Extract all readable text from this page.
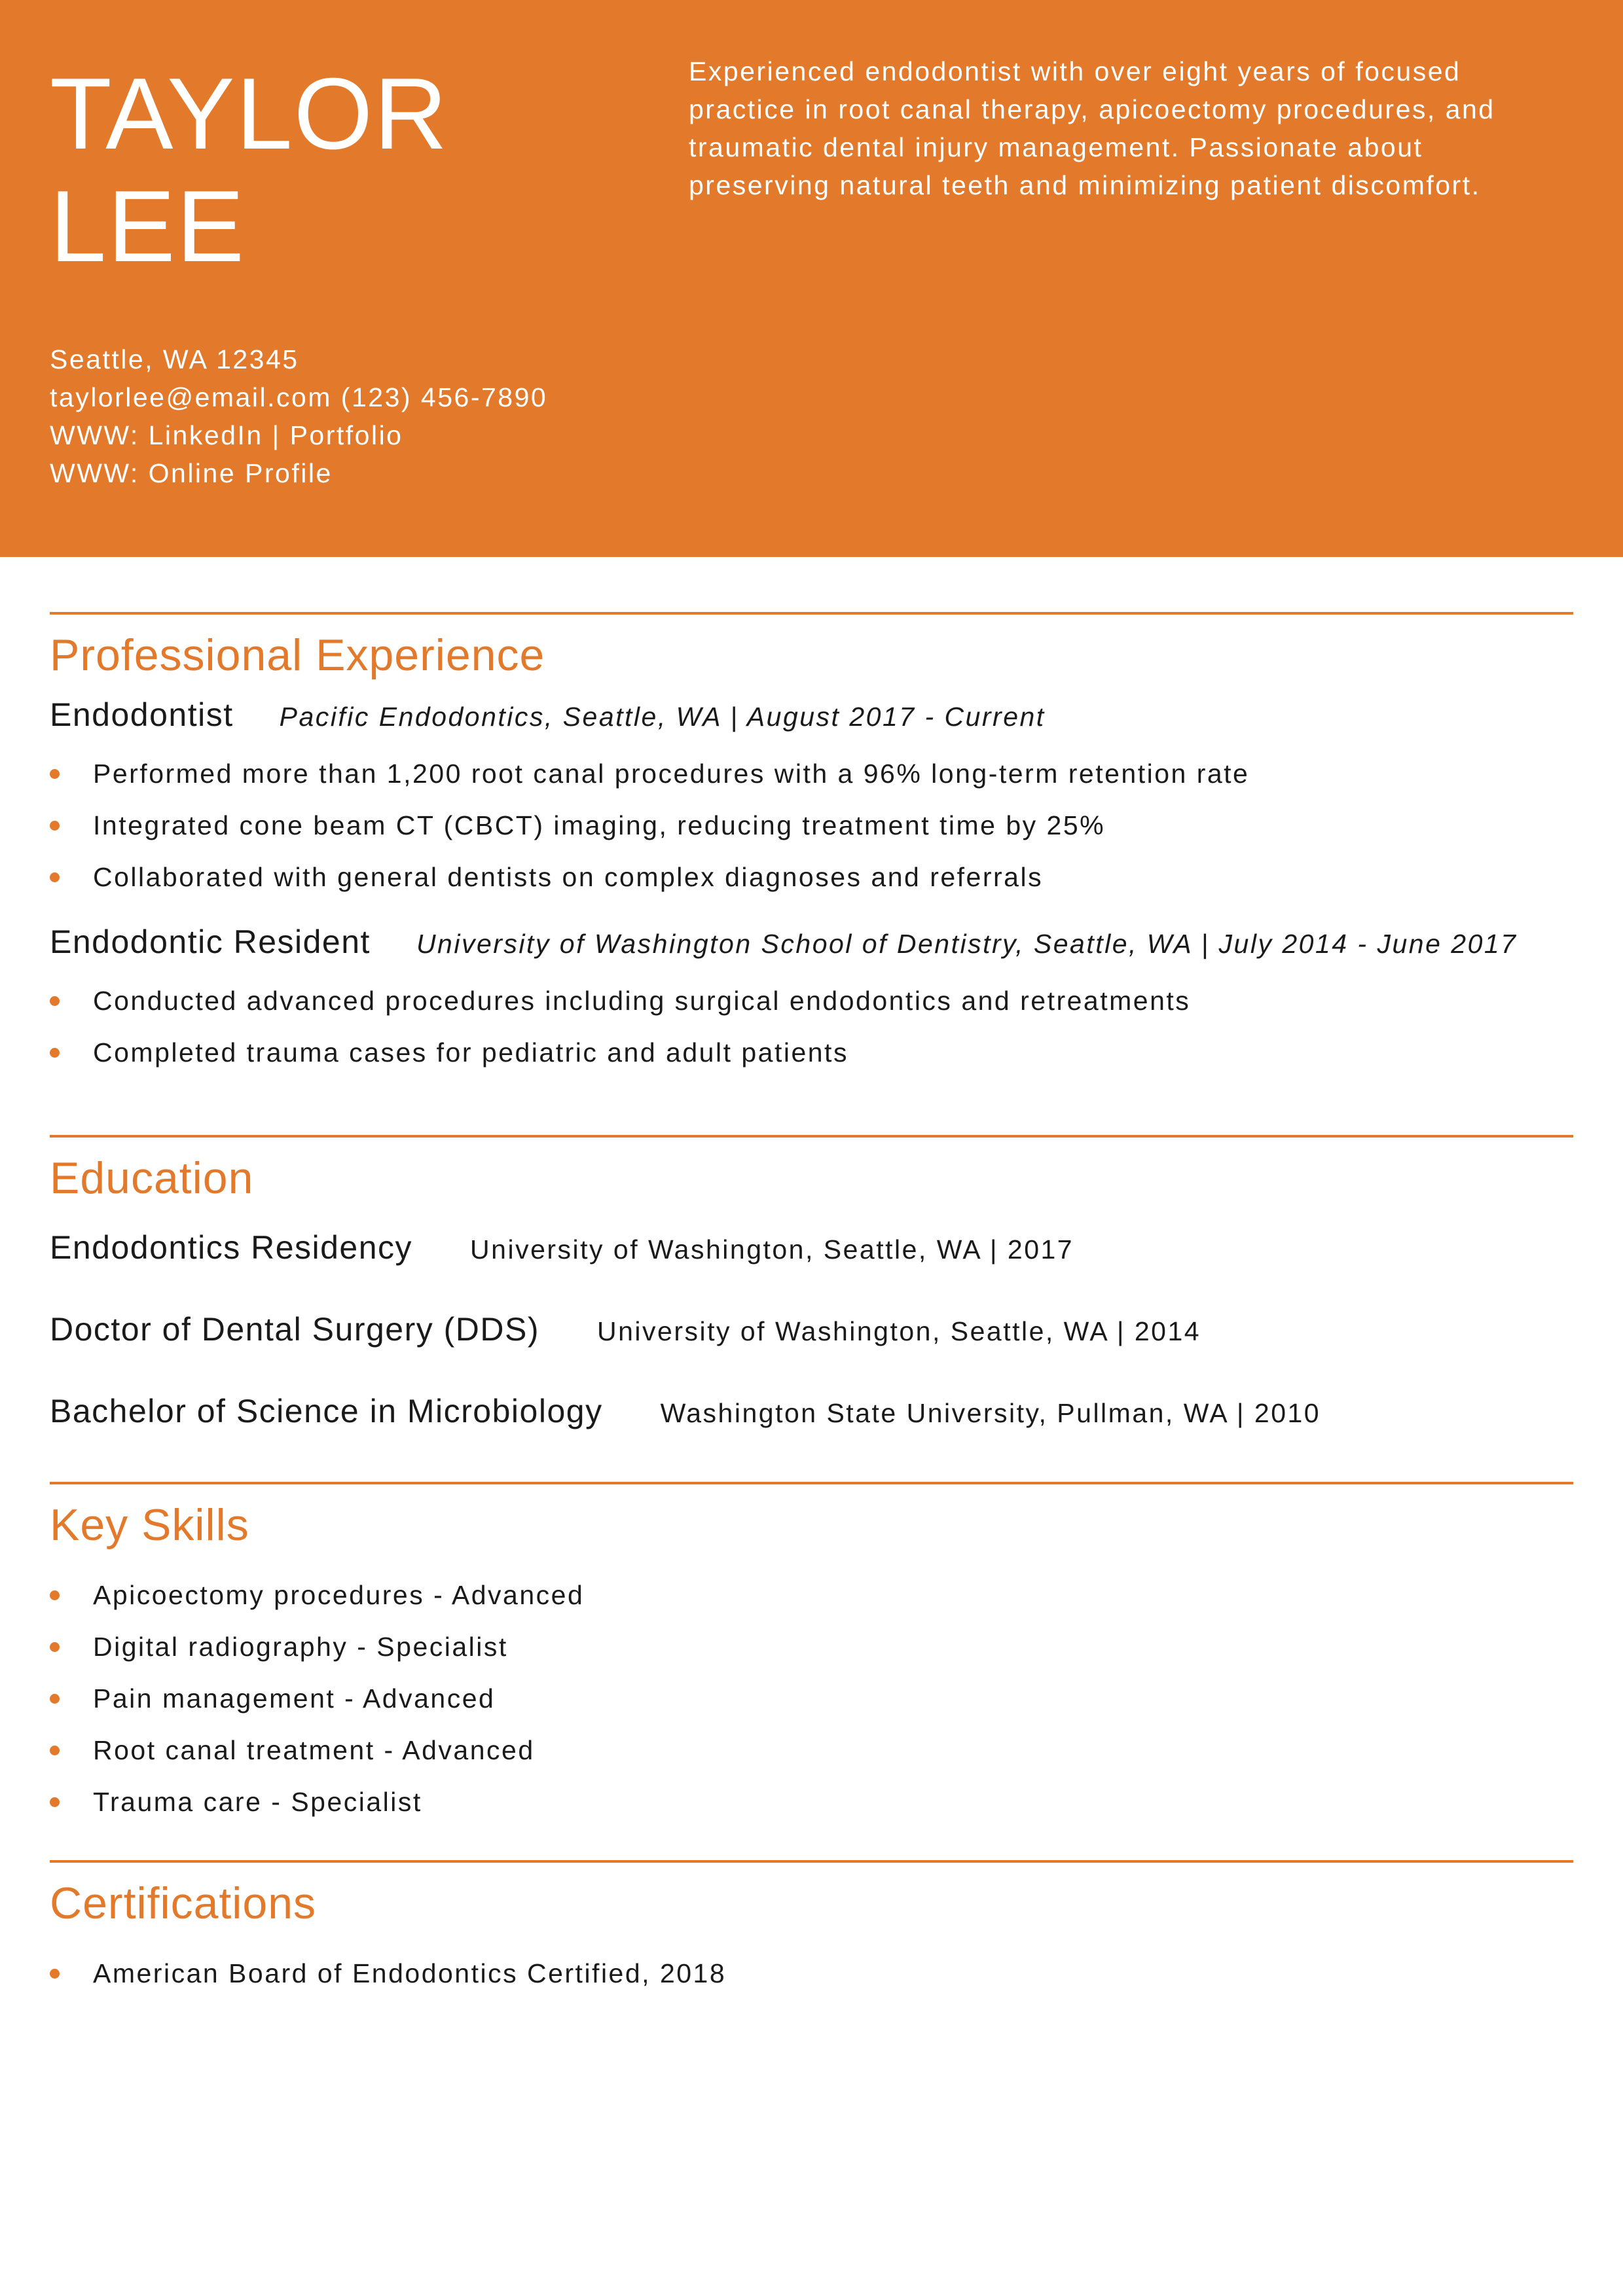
TAYLOR
LEE

Experienced endodontist with over eight years of focused practice in root canal therapy, apicoectomy procedures, and traumatic dental injury management. Passionate about preserving natural teeth and minimizing patient discomfort.

Seattle, WA 12345
taylorlee@email.com (123) 456-7890
WWW: LinkedIn | Portfolio
WWW: Online Profile
Professional Experience
Endodontist Pacific Endodontics, Seattle, WA | August 2017 - Current
Performed more than 1,200 root canal procedures with a 96% long-term retention rate
Integrated cone beam CT (CBCT) imaging, reducing treatment time by 25%
Collaborated with general dentists on complex diagnoses and referrals
Endodontic Resident University of Washington School of Dentistry, Seattle, WA | July 2014 - June 2017
Conducted advanced procedures including surgical endodontics and retreatments
Completed trauma cases for pediatric and adult patients
Education
Endodontics Residency University of Washington, Seattle, WA | 2017
Doctor of Dental Surgery (DDS) University of Washington, Seattle, WA | 2014
Bachelor of Science in Microbiology Washington State University, Pullman, WA | 2010
Key Skills
Apicoectomy procedures - Advanced
Digital radiography - Specialist
Pain management - Advanced
Root canal treatment - Advanced
Trauma care - Specialist
Certifications
American Board of Endodontics Certified, 2018
